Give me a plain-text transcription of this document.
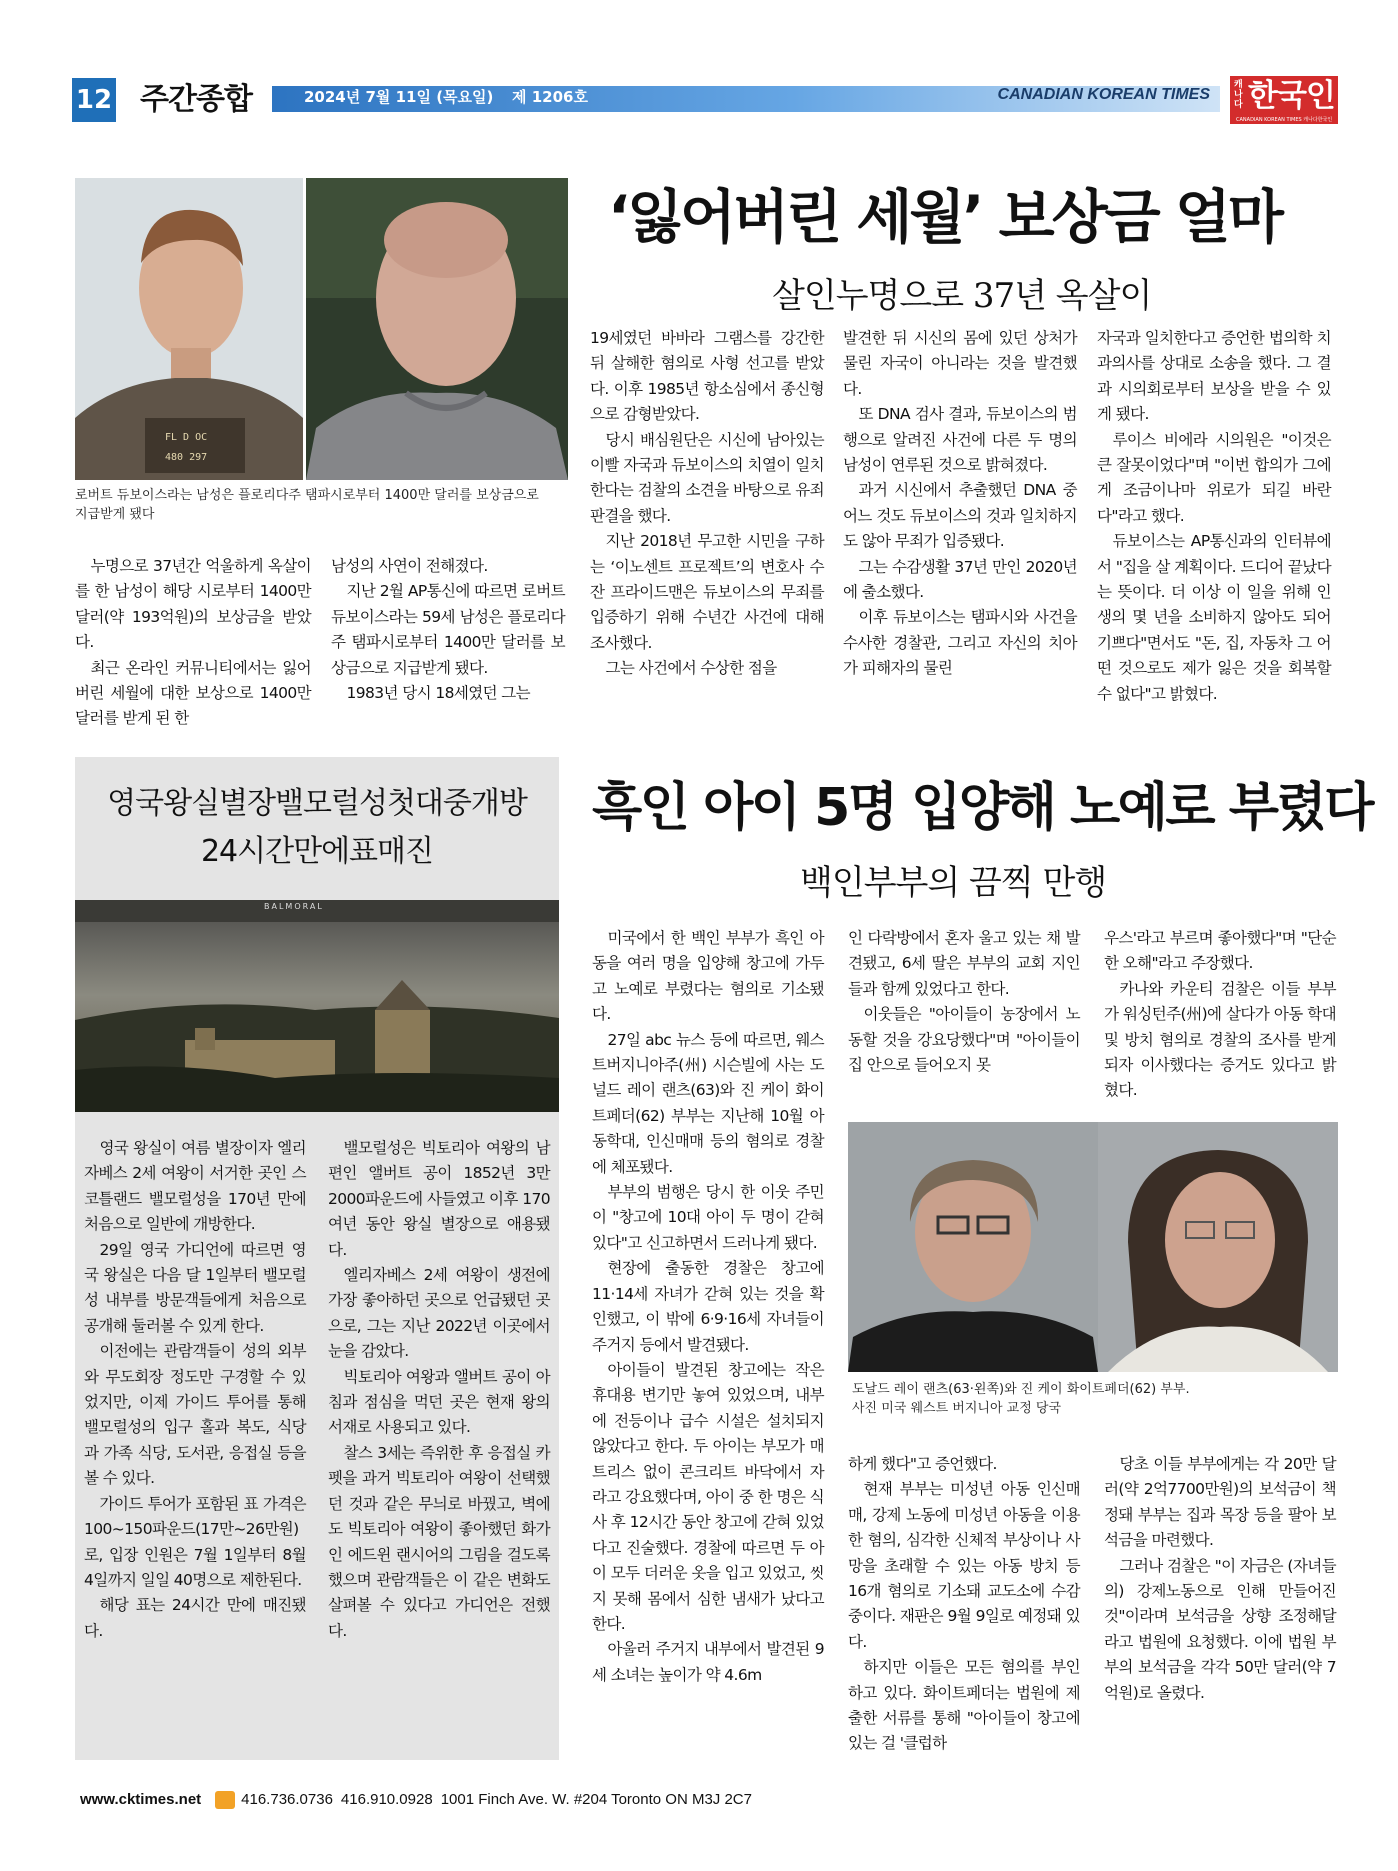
12 주간종합	2024년 7월 11일 (목요일) 제 1206호	CANADIAN KOREAN TIMES
캐나다 한국인
CANADIAN KOREAN TIMES 캐나다한국인
FL D OC
480 297
로버트 듀보이스라는 남성은 플로리다주 탬파시로부터 1400만 달러를 보상금으로 지급받게 됐다
‘잃어버린 세월’ 보상금 얼마
살인누명으로 37년 옥살이

누명으로 37년간 억울하게 옥살이를 한 남성이 해당 시로부터 1400만 달러(약 193억원)의 보상금을 받았다.

최근 온라인 커뮤니티에서는 잃어버린 세월에 대한 보상으로 1400만 달러를 받게 된 한

남성의 사연이 전해졌다.

지난 2월 AP통신에 따르면 로버트 듀보이스라는 59세 남성은 플로리다주 탬파시로부터 1400만 달러를 보상금으로 지급받게 됐다.

1983년 당시 18세였던 그는

19세였던 바바라 그램스를 강간한 뒤 살해한 혐의로 사형 선고를 받았다. 이후 1985년 항소심에서 종신형으로 감형받았다.

당시 배심원단은 시신에 남아있는 이빨 자국과 듀보이스의 치열이 일치한다는 검찰의 소견을 바탕으로 유죄 판결을 했다.

지난 2018년 무고한 시민을 구하는 ‘이노센트 프로젝트’의 변호사 수잔 프라이드맨은 듀보이스의 무죄를 입증하기 위해 수년간 사건에 대해 조사했다.

그는 사건에서 수상한 점을

발견한 뒤 시신의 몸에 있던 상처가 물린 자국이 아니라는 것을 발견했다.

또 DNA 검사 결과, 듀보이스의 범행으로 알려진 사건에 다른 두 명의 남성이 연루된 것으로 밝혀졌다.

과거 시신에서 추출했던 DNA 중 어느 것도 듀보이스의 것과 일치하지도 않아 무죄가 입증됐다.

그는 수감생활 37년 만인 2020년에 출소했다.

이후 듀보이스는 탬파시와 사건을 수사한 경찰관, 그리고 자신의 치아가 피해자의 물린

자국과 일치한다고 증언한 법의학 치과의사를 상대로 소송을 했다. 그 결과 시의회로부터 보상을 받을 수 있게 됐다.

루이스 비에라 시의원은 "이것은 큰 잘못이었다"며 "이번 합의가 그에게 조금이나마 위로가 되길 바란다"라고 했다.

듀보이스는 AP통신과의 인터뷰에서 "집을 살 계획이다. 드디어 끝났다는 뜻이다. 더 이상 이 일을 위해 인생의 몇 년을 소비하지 않아도 되어 기쁘다"면서도 "돈, 집, 자동차 그 어떤 것으로도 제가 잃은 것을 회복할 수 없다"고 밝혔다.

영국왕실별장밸모럴성첫대중개방
24시간만에표매진
BALMORAL

영국 왕실이 여름 별장이자 엘리자베스 2세 여왕이 서거한 곳인 스코틀랜드 밸모럴성을 170년 만에 처음으로 일반에 개방한다.

29일 영국 가디언에 따르면 영국 왕실은 다음 달 1일부터 밸모럴성 내부를 방문객들에게 처음으로 공개해 둘러볼 수 있게 한다.

이전에는 관람객들이 성의 외부와 무도회장 정도만 구경할 수 있었지만, 이제 가이드 투어를 통해 밸모럴성의 입구 홀과 복도, 식당과 가족 식당, 도서관, 응접실 등을 볼 수 있다.

가이드 투어가 포함된 표 가격은 100~150파운드(17만~26만원)로, 입장 인원은 7월 1일부터 8월 4일까지 일일 40명으로 제한된다.

해당 표는 24시간 만에 매진됐다.

밸모럴성은 빅토리아 여왕의 남편인 앨버트 공이 1852년 3만2000파운드에 사들였고 이후 170여년 동안 왕실 별장으로 애용됐다.

엘리자베스 2세 여왕이 생전에 가장 좋아하던 곳으로 언급됐던 곳으로, 그는 지난 2022년 이곳에서 눈을 감았다.

빅토리아 여왕과 앨버트 공이 아침과 점심을 먹던 곳은 현재 왕의 서재로 사용되고 있다.

찰스 3세는 즉위한 후 응접실 카펫을 과거 빅토리아 여왕이 선택했던 것과 같은 무늬로 바꿨고, 벽에도 빅토리아 여왕이 좋아했던 화가인 에드윈 랜시어의 그림을 걸도록 했으며 관람객들은 이 같은 변화도 살펴볼 수 있다고 가디언은 전했다.

흑인 아이 5명 입양해 노예로 부렸다
백인부부의 끔찍 만행

미국에서 한 백인 부부가 흑인 아동을 여러 명을 입양해 창고에 가두고 노예로 부렸다는 혐의로 기소됐다.

27일 abc 뉴스 등에 따르면, 웨스트버지니아주(州) 시슨빌에 사는 도널드 레이 랜츠(63)와 진 케이 화이트페더(62) 부부는 지난해 10월 아동학대, 인신매매 등의 혐의로 경찰에 체포됐다.

부부의 범행은 당시 한 이웃 주민이 "창고에 10대 아이 두 명이 갇혀 있다"고 신고하면서 드러나게 됐다.

현장에 출동한 경찰은 창고에 11·14세 자녀가 갇혀 있는 것을 확인했고, 이 밖에 6·9·16세 자녀들이 주거지 등에서 발견됐다.

아이들이 발견된 창고에는 작은 휴대용 변기만 놓여 있었으며, 내부에 전등이나 급수 시설은 설치되지 않았다고 한다. 두 아이는 부모가 매트리스 없이 콘크리트 바닥에서 자라고 강요했다며, 아이 중 한 명은 식사 후 12시간 동안 창고에 갇혀 있었다고 진술했다. 경찰에 따르면 두 아이 모두 더러운 옷을 입고 있었고, 씻지 못해 몸에서 심한 냄새가 났다고 한다.

아울러 주거지 내부에서 발견된 9세 소녀는 높이가 약 4.6m

인 다락방에서 혼자 울고 있는 채 발견됐고, 6세 딸은 부부의 교회 지인들과 함께 있었다고 한다.

이웃들은 "아이들이 농장에서 노동할 것을 강요당했다"며 "아이들이 집 안으로 들어오지 못

우스'라고 부르며 좋아했다"며 "단순한 오해"라고 주장했다.

카나와 카운티 검찰은 이들 부부가 워싱턴주(州)에 살다가 아동 학대 및 방치 혐의로 경찰의 조사를 받게 되자 이사했다는 증거도 있다고 밝혔다.

도날드 레이 랜츠(63·왼쪽)와 진 케이 화이트페더(62) 부부.
사진 미국 웨스트 버지니아 교정 당국

하게 했다"고 증언했다.

현재 부부는 미성년 아동 인신매매, 강제 노동에 미성년 아동을 이용한 혐의, 심각한 신체적 부상이나 사망을 초래할 수 있는 아동 방치 등 16개 혐의로 기소돼 교도소에 수감 중이다. 재판은 9월 9일로 예정돼 있다.

하지만 이들은 모든 혐의를 부인하고 있다. 화이트페더는 법원에 제출한 서류를 통해 "아이들이 창고에 있는 걸 '클럽하

당초 이들 부부에게는 각 20만 달러(약 2억7700만원)의 보석금이 책정돼 부부는 집과 목장 등을 팔아 보석금을 마련했다.

그러나 검찰은 "이 자금은 (자녀들의) 강제노동으로 인해 만들어진 것"이라며 보석금을 상향 조정해달라고 법원에 요청했다. 이에 법원 부부의 보석금을 각각 50만 달러(약 7억원)로 올렸다.

www.cktimes.net	416.736.0736 416.910.0928 1001 Finch Ave. W. #204 Toronto ON M3J 2C7
